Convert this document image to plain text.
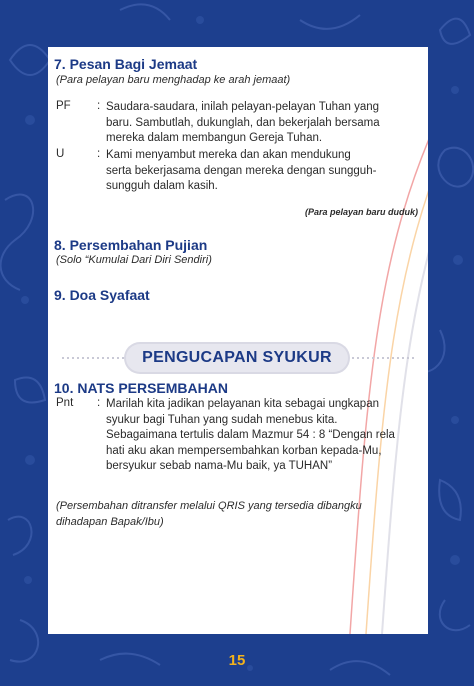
7. Pesan Bagi Jemaat
(Para pelayan baru menghadap ke arah jemaat)
PF : Saudara-saudara, inilah pelayan-pelayan Tuhan yang
baru. Sambutlah, dukunglah, dan bekerjalah bersama
mereka dalam membangun Gereja Tuhan.
U	: Kami menyambut mereka dan akan mendukung
serta bekerjasama dengan mereka dengan sungguh-
sungguh dalam kasih.
(Para pelayan baru duduk)
8. Persembahan Pujian
(Solo “Kumulai Dari Diri Sendiri)
9. Doa Syafaat
PENGUCAPAN SYUKUR
10. NATS PERSEMBAHAN
Pnt : Marilah kita jadikan pelayanan kita sebagai ungkapan
syukur bagi Tuhan yang sudah menebus kita.
Sebagaimana tertulis dalam Mazmur 54 : 8 “Dengan rela
hati aku akan mempersembahkan korban kepada-Mu,
bersyukur sebab nama-Mu baik, ya TUHAN”
(Persembahan ditransfer melalui QRIS yang tersedia dibangku
dihadapan Bapak/Ibu)
15
